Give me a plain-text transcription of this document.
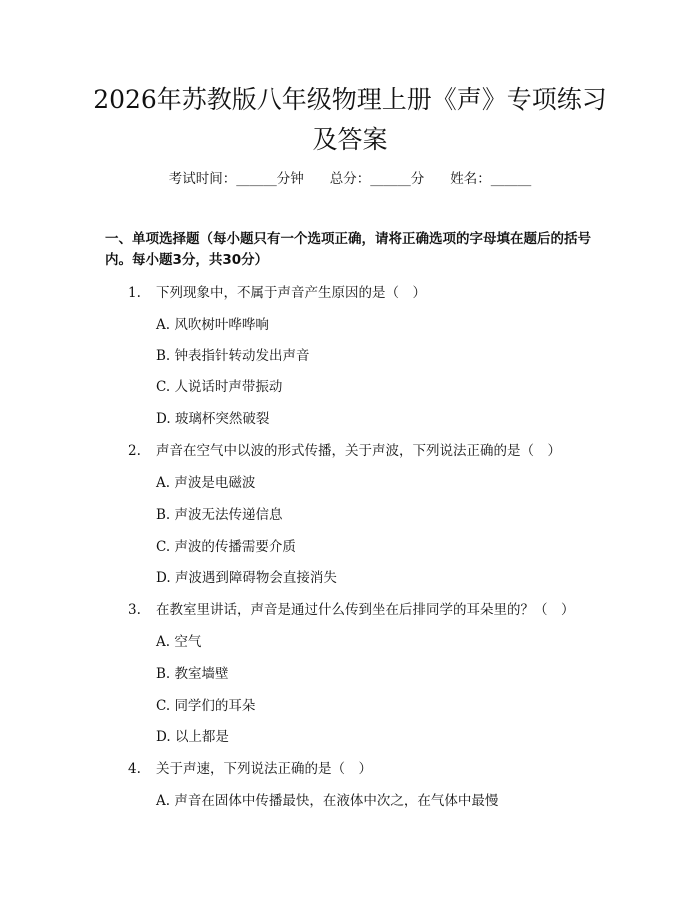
2026年苏教版八年级物理上册《声》专项练习及答案
考试时间：______分钟 总分：______分 姓名：______

一、单项选择题（每小题只有一个选项正确，请将正确选项的字母填在题后的括号内。每小题3分，共30分）

1. 下列现象中，不属于声音产生原因的是（　）
A. 风吹树叶哗哗响
B. 钟表指针转动发出声音
C. 人说话时声带振动
D. 玻璃杯突然破裂
2. 声音在空气中以波的形式传播，关于声波，下列说法正确的是（　）
A. 声波是电磁波
B. 声波无法传递信息
C. 声波的传播需要介质
D. 声波遇到障碍物会直接消失
3. 在教室里讲话，声音是通过什么传到坐在后排同学的耳朵里的？（　）
A. 空气
B. 教室墙壁
C. 同学们的耳朵
D. 以上都是
4. 关于声速，下列说法正确的是（　）
A. 声音在固体中传播最快，在液体中次之，在气体中最慢
